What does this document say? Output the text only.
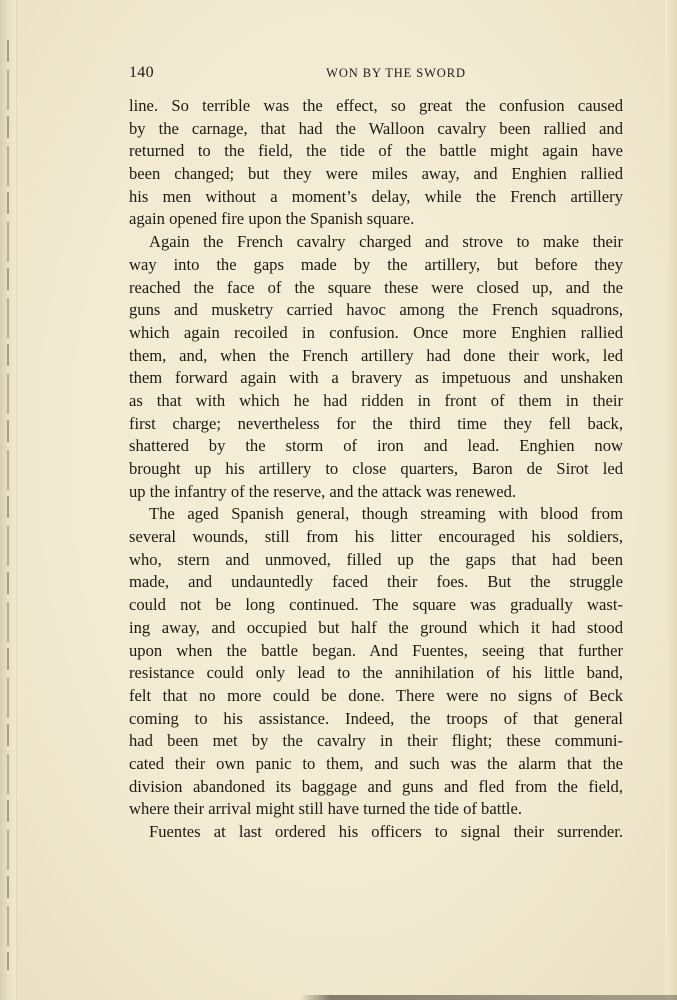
140	WON BY THE SWORD
line. So terrible was the effect, so great the confusion caused
by the carnage, that had the Walloon cavalry been rallied and
returned to the field, the tide of the battle might again have
been changed; but they were miles away, and Enghien rallied
his men without a moment’s delay, while the French artillery
again opened fire upon the Spanish square.
Again the French cavalry charged and strove to make their
way into the gaps made by the artillery, but before they
reached the face of the square these were closed up, and the
guns and musketry carried havoc among the French squadrons,
which again recoiled in confusion. Once more Enghien rallied
them, and, when the French artillery had done their work, led
them forward again with a bravery as impetuous and unshaken
as that with which he had ridden in front of them in their
first charge; nevertheless for the third time they fell back,
shattered by the storm of iron and lead. Enghien now
brought up his artillery to close quarters, Baron de Sirot led
up the infantry of the reserve, and the attack was renewed.
The aged Spanish general, though streaming with blood from
several wounds, still from his litter encouraged his soldiers,
who, stern and unmoved, filled up the gaps that had been
made, and undauntedly faced their foes. But the struggle
could not be long continued. The square was gradually wast-
ing away, and occupied but half the ground which it had stood
upon when the battle began. And Fuentes, seeing that further
resistance could only lead to the annihilation of his little band,
felt that no more could be done. There were no signs of Beck
coming to his assistance. Indeed, the troops of that general
had been met by the cavalry in their flight; these communi-
cated their own panic to them, and such was the alarm that the
division abandoned its baggage and guns and fled from the field,
where their arrival might still have turned the tide of battle.
Fuentes at last ordered his officers to signal their surrender.
